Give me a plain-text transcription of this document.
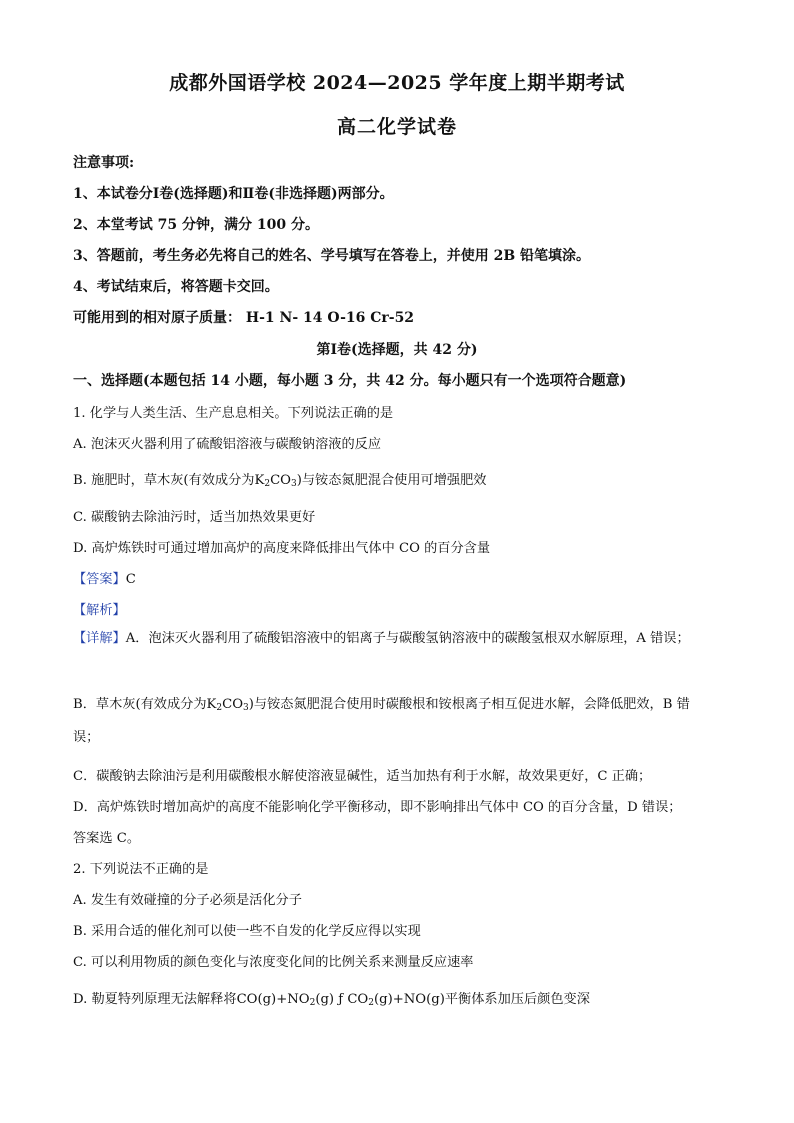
成都外国语学校 2024—2025 学年度上期半期考试
高二化学试卷
注意事项:
1、本试卷分Ⅰ卷(选择题)和Ⅱ卷(非选择题)两部分。
2、本堂考试 75 分钟，满分 100 分。
3、答题前，考生务必先将自己的姓名、学号填写在答卷上，并使用 2B 铅笔填涂。
4、考试结束后，将答题卡交回。
可能用到的相对原子质量： H-1 N- 14 O-16 Cr-52
第Ⅰ卷(选择题，共 42 分)
一、选择题(本题包括 14 小题，每小题 3 分，共 42 分。每小题只有一个选项符合题意)
1. 化学与人类生活、生产息息相关。下列说法正确的是
A. 泡沫灭火器利用了硫酸铝溶液与碳酸钠溶液的反应
B. 施肥时，草木灰(有效成分为$K_2CO_3$)与铵态氮肥混合使用可增强肥效
C. 碳酸钠去除油污时，适当加热效果更好
D. 高炉炼铁时可通过增加高炉的高度来降低排出气体中 CO 的百分含量
【答案】C
【解析】
【详解】A．泡沫灭火器利用了硫酸铝溶液中的铝离子与碳酸氢钠溶液中的碳酸氢根双水解原理，A 错误；
B．草木灰(有效成分为$K_2CO_3$)与铵态氮肥混合使用时碳酸根和铵根离子相互促进水解，会降低肥效，B 错误；
C．碳酸钠去除油污是利用碳酸根水解使溶液显碱性，适当加热有利于水解，故效果更好，C 正确；
D．高炉炼铁时增加高炉的高度不能影响化学平衡移动，即不影响排出气体中 CO 的百分含量，D 错误；
答案选 C。
2. 下列说法不正确的是
A. 发生有效碰撞的分子必须是活化分子
B. 采用合适的催化剂可以使一些不自发的化学反应得以实现
C. 可以利用物质的颜色变化与浓度变化间的比例关系来测量反应速率
D. 勒夏特列原理无法解释将$CO(g)+NO_2(g)$ ƒ $CO_2(g)+NO(g)$平衡体系加压后颜色变深
